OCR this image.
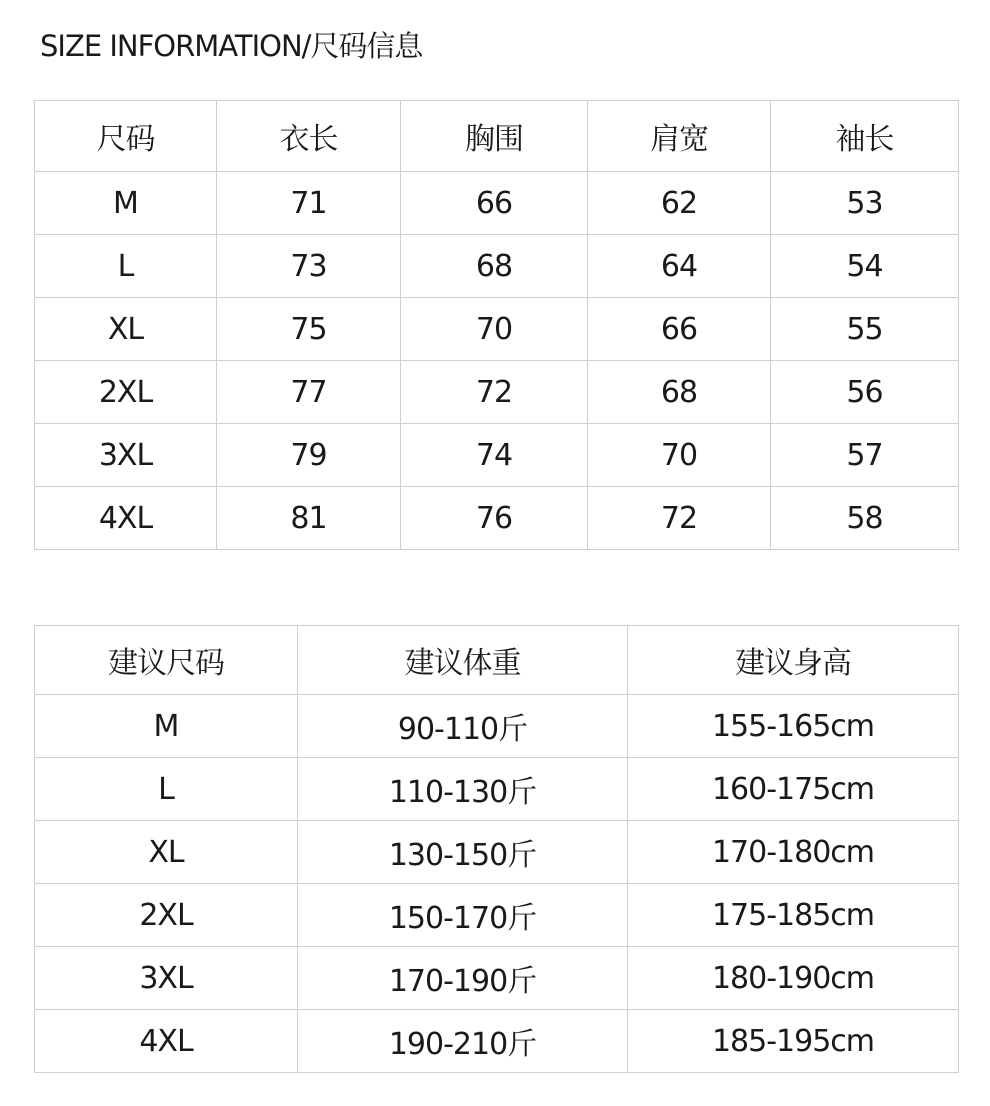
SIZE INFORMATION/尺码信息
尺码	衣长	胸围	肩宽	袖长
M	71	66	62	53
L	73	68	64	54
XL	75	70	66	55
2XL	77	72	68	56
3XL	79	74	70	57
4XL	81	76	72	58
建议尺码	建议体重	建议身高
M	90-110斤	155-165cm
L	110-130斤	160-175cm
XL	130-150斤	170-180cm
2XL	150-170斤	175-185cm
3XL	170-190斤	180-190cm
4XL	190-210斤	185-195cm
